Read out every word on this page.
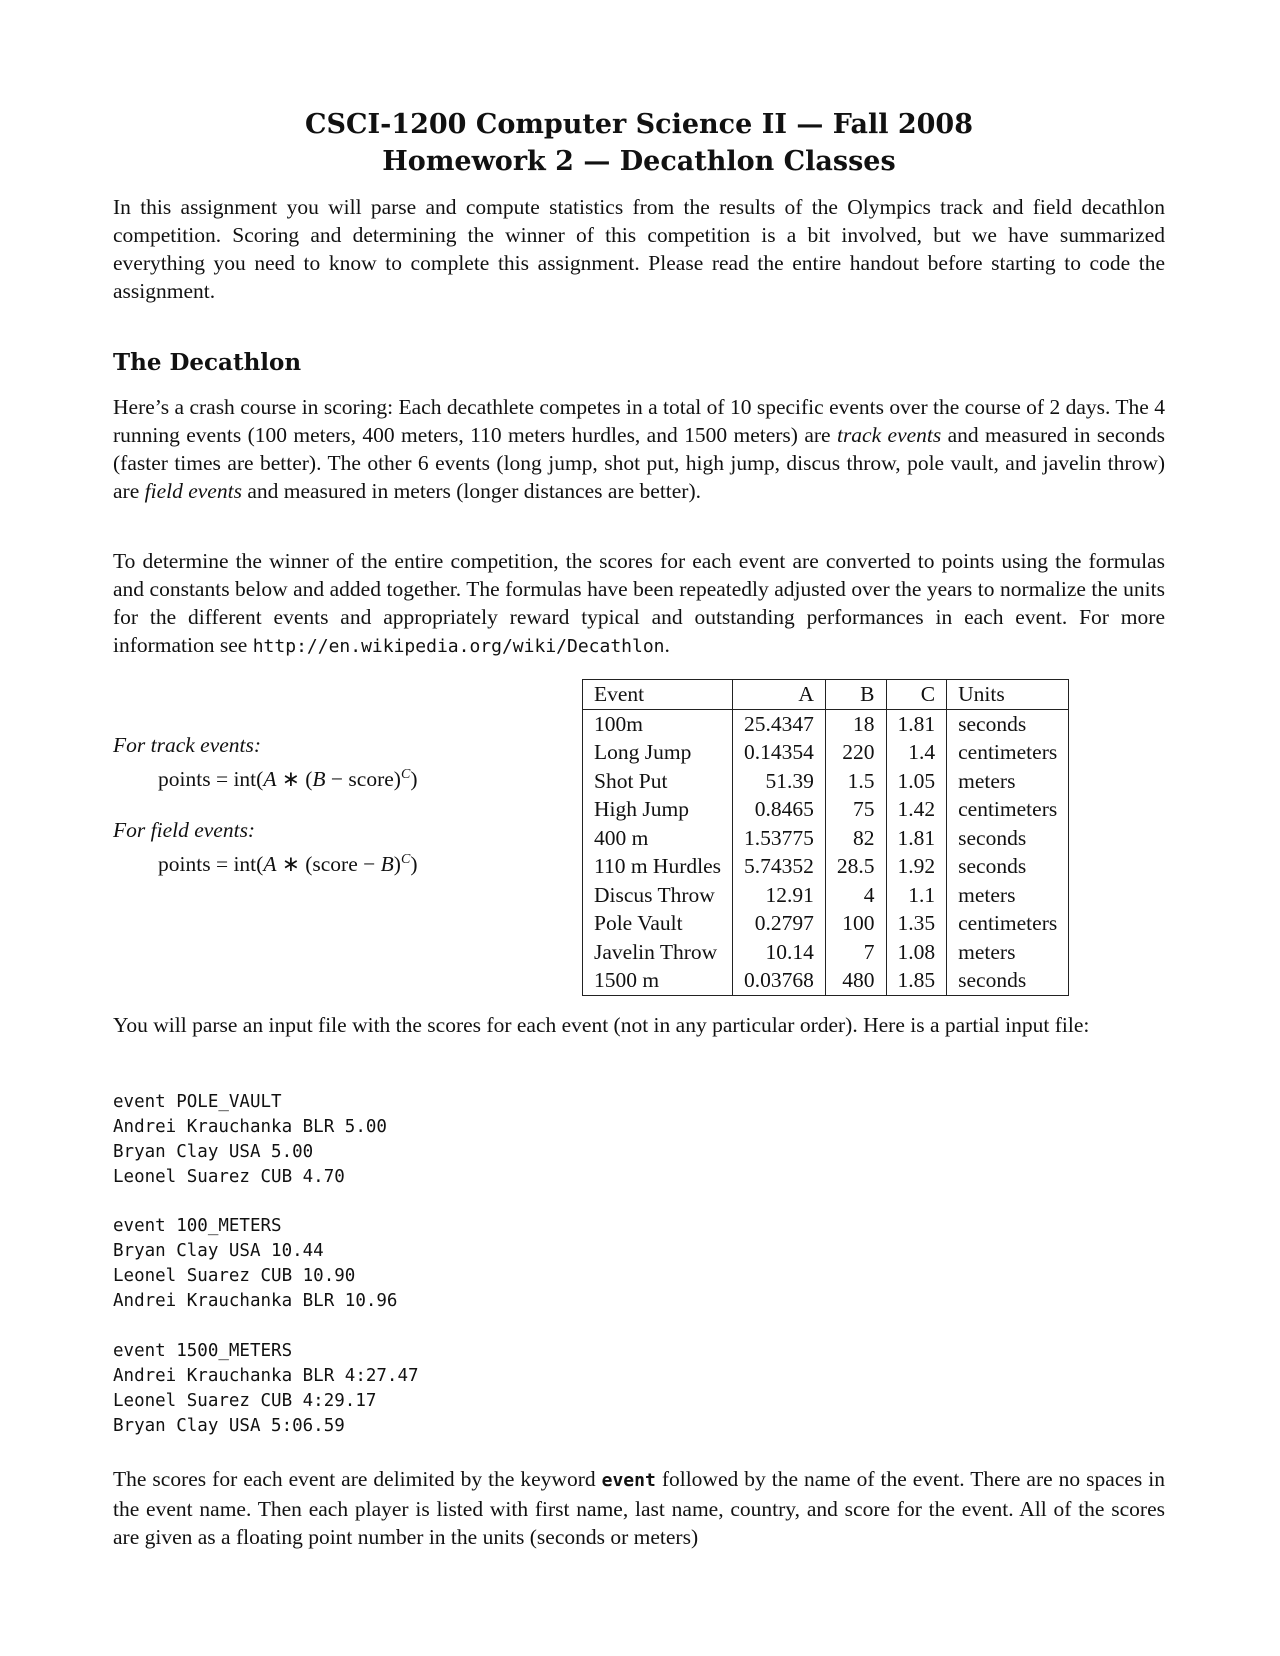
CSCI-1200 Computer Science II — Fall 2008
Homework 2 — Decathlon Classes

In this assignment you will parse and compute statistics from the results of the Olympics track and field decathlon competition. Scoring and determining the winner of this competition is a bit involved, but we have summarized everything you need to know to complete this assignment. Please read the entire handout before starting to code the assignment.

The Decathlon

Here’s a crash course in scoring: Each decathlete competes in a total of 10 specific events over the course of 2 days. The 4 running events (100 meters, 400 meters, 110 meters hurdles, and 1500 meters) are track events and measured in seconds (faster times are better). The other 6 events (long jump, shot put, high jump, discus throw, pole vault, and javelin throw) are field events and measured in meters (longer distances are better).

To determine the winner of the entire competition, the scores for each event are converted to points using the formulas and constants below and added together. The formulas have been repeatedly adjusted over the years to normalize the units for the different events and appropriately reward typical and outstanding performances in each event. For more information see http://en.wikipedia.org/wiki/Decathlon.

For track events:
points = int(A ∗ (B − score)$^C$)
For field events:
points = int(A ∗ (score − B)$^C$)
Event	A	B	C	Units
100m	25.4347	18	1.81	seconds
Long Jump	0.14354	220	1.4	centimeters
Shot Put	51.39	1.5	1.05	meters
High Jump	0.8465	75	1.42	centimeters
400 m	1.53775	82	1.81	seconds
110 m Hurdles	5.74352	28.5	1.92	seconds
Discus Throw	12.91	4	1.1	meters
Pole Vault	0.2797	100	1.35	centimeters
Javelin Throw	10.14	7	1.08	meters
1500 m	0.03768	480	1.85	seconds

You will parse an input file with the scores for each event (not in any particular order). Here is a partial input file:

event POLE_VAULT
Andrei Krauchanka BLR 5.00
Bryan Clay USA 5.00
Leonel Suarez CUB 4.70
event 100_METERS
Bryan Clay USA 10.44
Leonel Suarez CUB 10.90
Andrei Krauchanka BLR 10.96
event 1500_METERS
Andrei Krauchanka BLR 4:27.47
Leonel Suarez CUB 4:29.17
Bryan Clay USA 5:06.59

The scores for each event are delimited by the keyword event followed by the name of the event. There are no spaces in the event name. Then each player is listed with first name, last name, country, and score for the event. All of the scores are given as a floating point number in the units (seconds or meters)
